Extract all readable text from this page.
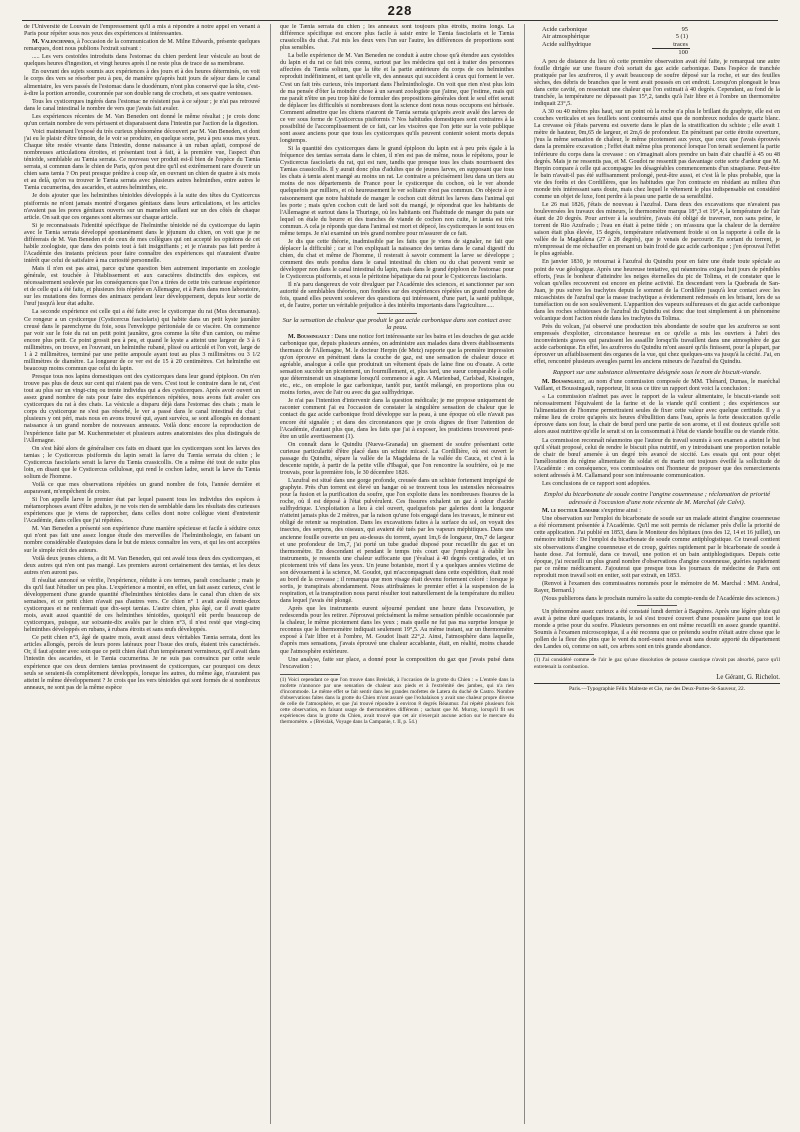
228

de l'Université de Louvain de l'empressement qu'il a mis à répondre à notre appel en venant à Paris pour répéter sous nos yeux des expériences si intéressantes.

M. Valenciennes, à l'occasion de la communication de M. Milne Edwards, présente quelques remarques, dont nous publions l'extrait suivant :

..... Les vers cestoïdes introduits dans l'estomac du chien perdent leur vésicule au bout de quelques heures d'ingestion, et vingt heures après il ne reste plus de trace de sa membrane.

En ouvrant des sujets soumis aux expériences à des jours et à des heures déterminés, on voit le corps des vers se résorber peu à peu, de manière qu'après huit jours de séjour dans le canal alimentaire, les vers passés de l'estomac dans le duodénum, n'ont plus conservé que la tête, c'est-à-dire la portion arrondie, couronnée par son double rang de crochets, et ses quatre ventouses.

Tous les cysticerques ingérés dans l'estomac ne résistent pas à ce séjour ; je n'ai pas retrouvé dans le canal intestinal le nombre de vers que j'avais fait avaler.

Les expériences récentes de M. Van Beneden ont donné le même résultat ; je crois donc qu'un certain nombre de vers périssent et disparaissent dans l'intestin par l'action de la digestion.

Voici maintenant l'exposé du très curieux phénomène découvert par M. Van Beneden, et dont j'ai eu le plaisir d'être témoin, de le voir se produire, en quelque sorte, peu à peu sous mes yeux. Chaque tête restée vivante dans l'intestin, donne naissance à un ruban aplati, composé de nombreuses articulations étroites, et présentant tout à fait, à la première vue, l'aspect d'un ténioïde, semblable au Tænia serrata. Ce nouveau ver produit est-il bien de l'espèce du Tænia serrata, si commun dans le chien de Paris, qu'on peut dire qu'il est extrêmement rare d'ouvrir un chien sans tænia ? On peut presque prédire à coup sûr, en ouvrant un chien de quatre à six mois et au delà, qu'on va trouver le Tænia serrata avec plusieurs autres helminthes, entre autres le Tænia cucumerina, des ascarides, et autres helminthes, etc.

Je dois ajouter que les helminthes ténioïdes développés à la suite des têtes du Cysticercus pisiformis ne m'ont jamais montré d'organes génitaux dans leurs articulations, et les articles n'avaient pas les pores génitaux ouverts sur un mamelon saillant sur un des côtés de chaque article. On sait que ces organes sont alternes sur chaque article.

Si je reconnaissais l'identité spécifique de l'helminthe ténioïde né du cysticerque du lapin avec le Tænia serrata développé spontanément dans le jéjunum du chien, on voit que je ne différerais de M. Van Beneden et de ceux de mes collègues qui ont accepté les opinions de cet habile zoologiste, que dans des points tout à fait insignifiants ; et je n'aurais pas fait perdre à l'Académie des instants précieux pour faire connaître des expériences qui n'auraient d'autre intérêt que celui de satisfaire à ma curiosité personnelle.

Mais il n'en est pas ainsi, parce qu'une question bien autrement importante en zoologie générale, est touchée à l'établissement et aux caractères distinctifs des espèces, est nécessairement soulevée par les conséquences que l'on a tirées de cette très curieuse expérience et de celle qui a été faite, et plusieurs fois répétée en Allemagne, et à Paris dans mon laboratoire, sur les mutations des formes des animaux pendant leur développement, depuis leur sortie de l'œuf jusqu'à leur état adulte.

La seconde expérience est celle qui a été faite avec le cysticerque du rat (Mus decumanus). Ce rongeur a un cysticerque (Cysticercus fasciolaris) qui habite dans un petit kyste jaunâtre creusé dans le parenchyme du foie, sous l'enveloppe péritonéale de ce viscère. On commence par voir sur le foie du rat un petit point jaunâtre, gros comme la tête d'un camion, ou même encore plus petit. Ce point grossit peu à peu, et quand le kyste a atteint une largeur de 3 à 6 millimètres, on trouve, en l'ouvrant, un helminthe rubané, plissé ou articulé et l'on voit, large de 1 à 2 millimètres, terminé par une petite ampoule ayant tout au plus 3 millimètres ou 3 1/2 millimètres de diamètre. La longueur de ce ver est de 15 à 20 centimètres. Cet helminthe est beaucoup moins commun que celui du lapin.

Presque tous nos lapins domestiques ont des cysticerques dans leur grand épiploon. On n'en trouve pas plus de deux sur cent qui n'aient pas de vers. C'est tout le contraire dans le rat, c'est tout au plus sur un vingt-cinq ou trente individus qui a des cysticerques. Après avoir ouvert un assez grand nombre de rats pour faire des expériences répétées, nous avons fait avaler ces cysticerques du rat à des chats. La vésicule a disparu déjà dans l'estomac des chats ; mais le corps du cysticerque ne s'est pas résorbé, le ver a passé dans le canal intestinal du chat ; plusieurs y ont péri, mais nous en avons trouvé qui, ayant survécu, se sont allongés en donnant naissance à un grand nombre de nouveaux anneaux. Voilà donc encore la reproduction de l'expérience faite par M. Kuchenmeister et plusieurs autres anatomistes des plus distingués de l'Allemagne.

On s'est hâté alors de généraliser ces faits en disant que les cysticerques sont les larves des tænias ; le Cysticercus pisiformis du lapin serait la larve du Tænia serrata du chien ; le Cysticercus fasciolaris serait la larve du Tænia crassicollis. On a même été tout de suite plus loin, en disant que le Cysticercus cellulosæ, qui rend le cochon ladre, serait la larve du Tænia solium de l'homme.

Voilà ce que mes observations répétées un grand nombre de fois, l'année dernière et auparavant, m'empêchent de croire.

Si l'on appelle larve le premier état par lequel passent tous les individus des espèces à métamorphoses avant d'être adultes, je ne vois rien de semblable dans les résultats des curieuses expériences que je viens de rapporcher, dans celles dont notre collègue vient d'entretenir l'Académie, dans celles que j'ai répétées.

M. Van Beneden a présenté son expérience d'une manière spécieuse et facile à séduire ceux qui n'ont pas fait une assez longue étude des merveilles de l'helminthologie, en faisant un nombre considérable d'autopsies dans le but de mieux connaître les vers, et qui les ont acceptées sur le simple récit des auteurs.

Voilà deux jeunes chiens, a dit M. Van Beneden, qui ont avalé tous deux des cysticerques, et deux autres qui n'en ont pas mangé. Les premiers auront certainement des tænias, et les deux autres n'en auront pas.

Il résultat annoncé se vérifie, l'expérience, réduite à ces termes, paraît concluante ; mais je dis qu'il faut l'étudier un peu plus. L'expérience a montré, en effet, un fait assez curieux, c'est le développement d'une grande quantité d'helminthes ténioïdes dans le canal d'un chien de six semaines, et ce petit chien n'avait pas d'autres vers. Ce chien n° 1 avait avalé trente-deux cysticerques et ne renfermait que dix-sept tænias. L'autre chien, plus âgé, car il avait quatre mois, avait aussi quantité de ces helminthes ténioïdes, quoiqu'il eût perdu beaucoup de cysticerques, puisque, sur soixante-dix avalés par le chien n°3, il n'est resté que vingt-cinq helminthes développés en rubans, à rubans étroits et sans œufs développés.

Ce petit chien n°3, âgé de quatre mois, avait aussi deux véritables Tænia serrata, dont les articles allongés, percés de leurs pores latéraux pour l'issue des œufs, étaient très caractérisés. Or, il faut ajouter avec soin que ce petit chien était d'un tempérament vermineux, qu'il avait dans l'intestin des ascarides, et le Tænia cucumerina. Je ne suis pas convaincu par cette seule expérience que ces deux derniers tænias provinssent de cysticerques, car pourquoi ces deux seuls se seraient-ils complètement développés, lorsque les autres, du même âge, n'auraient pas atteint le même développement ? Je crois que les vers ténioïdes qui sont formés de si nombreux anneaux, ne sont pas de la même espèce

que le Tænia serrata du chien ; les anneaux sont toujours plus étroits, moins longs. La différence spécifique est encore plus facile à saisir entre le Tænia fasciolaris et le Tænia crassicollis du chat. J'ai mis les deux vers l'un sur l'autre, les différences de proportions sont plus sensibles.

La belle expérience de M. Van Beneden ne conduit à autre chose qu'à étendre aux cystoïdes du lapin et du rat ce fait très connu, surtout par les médecins qui ont à traiter des personnes affectées du Tænia solium, que la tête et la partie antérieure du corps de ces helminthes reproduit indéfiniment, et tant qu'elle vit, des anneaux qui succèdent à ceux qui forment le ver. C'est un fait très curieux, très important dans l'helminthologie. On voit que rien n'est plus loin de ma pensée d'ôter la moindre chose à un savant zoologiste que j'aime, que j'estime, mais qui me paraît n'être un peu trop hâté de formuler des propositions générales dont le seul effet serait de déplacer les difficultés si nombreuses dont la science dont nous nous occupons est hérissée. Comment admettre que les chiens n'auront de Tænia serrata qu'après avoir avalé des larves de ce ver sous forme de Cysticercus pisiformis ? Nos habitudes domestiques sont contraires à la possibilité de l'accomplissement de ce fait, car les viscères que l'on jette sur la voie publique sont assez anciens pour que tous les cysticerques qu'ils peuvent contenir soient morts depuis longtemps.

Si la quantité des cysticerques dans le grand épiploon du lapin est à peu près égale à la fréquence des tænias serrata dans le chien, il n'en est pas de même, nous le répétons, pour le Cysticercus fasciolaris du rat, qui est rare, tandis que presque tous les chats nourrissent des Tænias crassicollis. Il y aurait donc plus d'adultes que de jeunes larves, en supposant que tous les chats à tænia aient mangé au moins un rat. Le contraire a précisément lieu dans un tiers au moins de nos départements de France pour le cysticerque du cochon, où le ver abonde quelquefois par milliers, et où heureusement le ver solitaire n'est pas commun. On objecte à ce raisonnement que notre habitude de manger le cochon cuit détruit les larves dans l'animal qui les porte ; mais qu'en cochon cuit de lard soit du mangé, je répondrai que les habitants de l'Allemagne et surtout dans la Thuringe, où les habitants ont l'habitude de manger du pain sur lequel on étale du beurre et des tranches de viande de cochon non cuite, le tænia est très commun. A cela je réponds que dans l'animal est mort et dépecé, les cysticerques le sont tous en même temps. Je n'ai examiné un très grand nombre pour m'assurer de ce fait.

Je dis que cette théorie, inadmissible par les faits que je viens de signaler, ne fait que déplacer la difficulté ; car si l'on expliquait la naissance des tænias dans le canal digestif du chien, du chat et même de l'homme, il resterait à savoir comment la larve se développe ; comment des œufs pondus dans le canal intestinal du chien ou du chat peuvent venir se développer non dans le canal intestinal du lapin, mais dans le grand épiploon de l'estomac pour le Cysticercus pisiformis, et sous le péritoine hépatique du rat pour le Cysticercus fasciolaris.

Il n'a paru dangereux de voir divulguer par l'Académie des sciences, et sanctionner par son autorité de semblables théories, non fondées sur des expériences répétées un grand nombre de fois, quand elles peuvent soulever des questions qui intéressent, d'une part, la santé publique, et, de l'autre, porter un véritable préjudice à des intérêts importants dans l'agriculture.....

Sur la sensation de chaleur que produit le gaz acide carbonique dans son contact avec la peau.

M. Boussingault : Dans une notice fort intéressante sur les bains et les douches de gaz acide carbonique que, depuis plusieurs années, on administre aux malades dans divers établissements thermaux de l'Allemagne, M. le docteur Herpin (de Metz) rapporte que la première impression qu'on éprouve en pénétrant dans la couche de gaz, est une sensation de chaleur douce et agréable, analogue à celle que produirait un vêtement épais de laine fine ou d'ouate. A cette sensation succède un picotement, un fourmillement, et, plus tard, une sueur comparable à celle que déterminerait un sinapisme lorsqu'il commence à agir. A Marienbad, Carlsbad, Kissingen, etc., etc., on emploie le gaz carbonique, tantôt pur, tantôt mélangé, en proportions plus ou moins fortes, avec de l'air ou avec du gaz sulfhydrique.

Je n'ai pas l'intention d'intervenir dans la question médicale; je me propose uniquement de raconter comment j'ai eu l'occasion de constater la singulière sensation de chaleur que le contact du gaz acide carbonique froid développe sur la peau, à une époque où elle n'avait pas encore été signalée ; et dans des circonstances que je crois dignes de fixer l'attention de l'Académie, d'autant plus que, dans les faits que j'ai à exposer, les praticiens trouveront peut-être un utile avertissement (1).

On connaît dans le Quindiu (Nueva-Granada) un gisement de soufre présentant cette curieuse particularité d'être placé dans un schiste micacé. La Cordillière, où est ouvert le passage du Quindiu, sépare la vallée de la Magdalena de la vallée du Cauca, et c'est à la descente rapide, à partir de la petite ville d'Ibagué, que l'on rencontre la soufrière, où je me trouvais, pour la première fois, le 30 décembre 1826.

L'azufral est situé dans une gorge profonde, creusée dans un schiste fortement imprégné de graphyte. Près d'un torrent est élevé un hangar où se trouvent tous les ustensiles nécessaires pour la fusion et la purification du soufre, que l'on exploite dans les nombreuses fissures de la roche, où il est déposé à l'état pulvérulent. Ces fissures exhalent un gaz à odeur d'acide sulfhydrique. L'exploitation a lieu à ciel ouvert, quelquefois par galeries dont la longueur n'atteint jamais plus de 2 mètres, par la raison qu'une fois engagé dans les travaux, le mineur est obligé de retenir sa respiration. Dans les excavations faites à la surface du sol, on voyait des insectes, des serpens, des oiseaux, qui avaient été tués par les vapeurs méphitiques. Dans une ancienne fouille ouverte un peu au-dessus du torrent, ayant 1m,6 de longueur, 0m,7 de largeur et une profondeur de 1m,7, j'ai porté un tube gradué disposé pour recueillir du gaz et un thermomètre. En descendant et pendant le temps très court que j'employai à établir les instruments, je ressentis une chaleur suffocante que j'évaluai à 40 degrés centigrades, et un picotement très vif dans les yeux. Un jeune botaniste, mort il y a quelques années victime de son dévouement à la science, M. Goudot, qui m'accompagnait dans cette expédition, était resté au bord de la crevasse ; il remarqua que mon visage était devenu fortement coloré : lorsque je sortis, je transpirais abondamment. Nous attribuâmes le premier effet à la suspension de la respiration, et la transpiration nous parut résulter tout naturellement de la température du milieu dans lequel j'avais été plongé.

Après que les instruments eurent séjourné pendant une heure dans l'excavation, je redescendis pour les retirer. J'éprouvai précisément la même sensation pénible occasionnée par la chaleur, le même picotement dans les yeux ; mais quelle ne fut pas ma surprise lorsque je reconnus que le thermomètre indiquait seulement 19°,5. Au même instant, sur un thermomètre exposé à l'air libre et à l'ombre, M. Goudot lisait 22°,2. Ainsi, l'atmosphère dans laquelle, d'après mes sensations, j'avais éprouvé une chaleur accablante, était, en réalité, moins chaude que l'atmosphère extérieure.

Une analyse, faite sur place, a donné pour la composition du gaz que j'avais puisé dans l'excavation :

(1) Voici cependant ce que l'on trouve dans Breislak, à l'occasion de la grotte du Chien : « L'entrée dans la mofette n'annonce par une sensation de chaleur aux pieds et à l'extrémité des jambes, qui n'a rien d'incommode. Le même effet se fait sentir dans les grandes mofettes de Latera du duché de Castro. Nombre d'observations faites dans la grotte du Chien m'ont assuré que l'exhalaison y avait une chaleur propre diverse de celle de l'atmosphère, et que j'ai trouvé répondre à environ 8 degrés Réaumur. J'ai répété plusieurs fois cette observation, en faisant usage de thermomètres différents ; sachant que M. Murray, lorsqu'il fit ses expériences dans la grotte du Chien, avait trouvé que cet air n'exerçait aucune action sur le mercure du thermomètre. » (Breislak, Voyage dans la Campanie, t. II, p. 54.)

Acide carbonique	95
Air atmosphérique	5 (1)
Acide sulfhydrique	traces
	100

A peu de distance du lieu où cette première observation avait été faite, je remarquai une autre fouille dirigée sur une fissure d'où sortait du gaz acide carbonique. Dans l'espèce de tranchée pratiquée par les azufreros, il y avait beaucoup de soufre déposé sur la roche, et sur des feuilles sèches, des débris de branches que le vent avait poussés en cet endroit. Lorsqu'on plongeait le bras dans cette cavité, on ressentait une chaleur que l'on estimait à 40 degrés. Cependant, au fond de la tranchée, la température ne dépassait pas 15°,2, tandis qu'à l'air libre et à l'ombre un thermomètre indiquait 23°,5.

A 30 ou 40 mètres plus haut, sur un point où la roche n'a plus le brillant du graphyte, elle est en couches verticales et ses feuillets sont contournés ainsi que de nombreux nodules de quartz blanc. La crevasse où j'étais parvenu est ouverte dans le plan de la stratification du schiste ; elle avait 1 mètre de hauteur, 0m,65 de largeur, et 2m,6 de profondeur. En pénétrant par cette étroite ouverture, j'eus la même sensation de chaleur, le même picotement aux yeux, que ceux que j'avais éprouvés dans la première excavation ; l'effet était même plus prononcé lorsque l'on tenait seulement la partie inférieure du corps dans la crevasse : on s'imaginait alors prendre un bain d'air chauffé à 45 ou 48 degrés. Mais je ne ressentis pas, et M. Goudot ne ressentit pas davantage cette sorte d'ardeur que M. Herpin compare à celle qui accompagne les désagréables commencements d'un sinapisme. Peut-être le bain n'avait-il pas été suffisamment prolongé, peut-être aussi, et c'est là le plus probable, que la vie des forêts et des Cordillères, que les habitudes que l'on contracte en résidant au milieu d'un monde très intéressant sans doute, mais chez lequel le vêtement le plus indispensable est considéré comme un objet de luxe, font perdre à la peau une partie de sa sensibilité.

Le 26 mai 1826, j'étais de nouveau à l'azufral. Dans deux des excavations que n'avaient pas bouleversées les travaux des mineurs, le thermomètre marqua 18°,3 et 19°,4, la température de l'air étant de 20 degrés. Pour arriver à la soufrière, j'avais été obligé de traverser, non sans peine, le torrent de Rio Azufrado ; l'eau en était à peine tiède ; on m'assura que la chaleur de la dernière saison était plus élevée, 15 degrés, température relativement froide si on la rapporte à celle de la vallée de la Magdalena (27 à 28 degrés), que je venais de parcourir. En sortant du torrent, je m'empressai de me réchauffer en prenant un bain froid de gaz acide carbonique ; j'en éprouvai l'effet le plus agréable.

En janvier 1830, je retournai à l'azufral du Quindiu pour en faire une étude toute spéciale au point de vue géologique. Après une heureuse tentative, qui néanmoins exigea huit jours de pénibles efforts, j'eus le bonheur d'atteindre les neiges éternelles du pic de Tolima, et de constater que le volcan qu'elles recouvrent est encore en pleine activité. En descendant vers la Quebrada de San-Juan, je pus suivre les trachytes depuis le sommet de la Cordillère jusqu'à leur contact avec les micaschistes de l'azufral que la masse trachytique a évidemment redressés en les brisant, lors de sa tuméfaction ou de son soulèvement. L'apparition des vapeurs sulfureuses et du gaz acide carbonique dans les roches schisteuses de l'azufral du Quindiu est donc due tout simplement à un phénomène volcanique dont l'action réside dans les trachytes du Tolima.

Près du volcan, j'ai observé une production très abondante de soufre que les azufreros se sont empressés d'exploiter, circonstance heureuse en ce qu'elle a mis les ouvriers à l'abri des inconvénients graves qui paraissent les assaillir lorsqu'ils travaillent dans une atmosphère de gaz acide carbonique. En effet, les azufreros du Quindiu m'ont assuré qu'ils finissent, pour la plupart, par éprouver un affaiblissement des organes de la vue, qui chez quelques-uns va jusqu'à la cécité. J'ai, en effet, rencontré plusieurs aveugles parmi les anciens mineurs de l'azufral du Quindiu.

Rapport sur une substance alimentaire désignée sous le nom de biscuit-viande.

M. Boussingault, au nom d'une commission composée de MM. Thénard, Dumas, le maréchal Vaillant, et Boussingault, rapporteur, lit sous ce titre un rapport dont voici la conclusion :

« La commission n'admet pas avec le rapport de la valeur alimentaire, le biscuit-viande soit nécessairement l'équivalent de la farine et de la viande qu'il contient ; des expériences sur l'alimentation de l'homme permettraient seules de fixer cette valeur avec quelque certitude. Il y a même lieu de croire qu'après six heures d'ébullition dans l'eau, après la forte dessiccation qu'elle éprouve dans son four, la chair de bœuf perd une partie de son arome, et il est douteux qu'elle soit alors aussi nutritive qu'elle le serait si on la consommait à l'état de viande bouillie ou de viande rôtie.

La commission reconnaît néanmoins que l'auteur du travail soumis à son examen a atteint le but qu'il s'était proposé, celui de rendre le biscuit plus nutritif, en y introduisant une proportion notable de chair de bœuf amenée à un degré très avancé de siccité. Les essais qui ont pour objet l'amélioration du régime alimentaire du soldat et du marin ont toujours éveillé la sollicitude de l'Académie : en conséquence, vos commissaires ont l'honneur de proposer que des remerciements soient adressés à M. Callamand pour son intéressante communication.

Les conclusions de ce rapport sont adoptées.

Emploi du bicarbonate de soude contre l'angine couenneuse ; réclamation de priorité adressée à l'occasion d'une note récente de M. Marchal (de Calvi).

M. le docteur Lemaire s'exprime ainsi :

Une observation sur l'emploi du bicarbonate de soude sur un malade atteint d'angine couenneuse a été récemment présentée à l'Académie. Qu'il me soit permis de réclamer près d'elle la priorité de cette application. J'ai publié en 1853, dans le Moniteur des hôpitaux (nos des 12, 14 et 16 juillet), un mémoire intitulé : De l'emploi du bicarbonate de soude comme antiphlogistique. Ce travail contient six observations d'angine couenneuse et de croup, guéries rapidement par le bicarbonate de soude à haute dose. J'ai formulé, dans ce travail, une potion et un bain antiphlogistiques. Depuis cette époque, j'ai recueilli un plus grand nombre d'observations d'angine couenneuse, guéries rapidement par ce même médicament. J'ajouterai que presque tous les journaux de médecine de Paris ont reproduit mon travail soit en entier, soit par extrait, en 1853.

(Renvoi à l'examen des commissaires nommés pour le mémoire de M. Marchal : MM. Andral, Rayer, Bernard.)

(Nous publierons dans le prochain numéro la suite du compte-rendu de l'Académie des sciences.)

Un phénomène assez curieux a été constaté lundi dernier à Bagnères. Après une légère pluie qui avait à peine duré quelques instants, le sol s'est trouvé couvert d'une poussière jaune que tout le monde a prise pour du soufre. Plusieurs personnes en ont même recueilli en assez grande quantité. Soumis à l'examen microscopique, il a été reconnu que ce prétendu soufre n'était autre chose que le pollen de la fleur des pins que le vent du nord-ouest nous avait sans doute apporté du département des Landes où, comme on sait, ces arbres sont en très grande abondance.

(1) J'ai considéré comme de l'air le gaz qu'une dissolution de potasse caustique n'avait pas absorbé, parce qu'il entretenait la combustion.

Le Gérant, G. Richelot.

Paris.—Typographie Félix Malteste et Cie, rue des Deux-Portes-St-Sauveur, 22.
